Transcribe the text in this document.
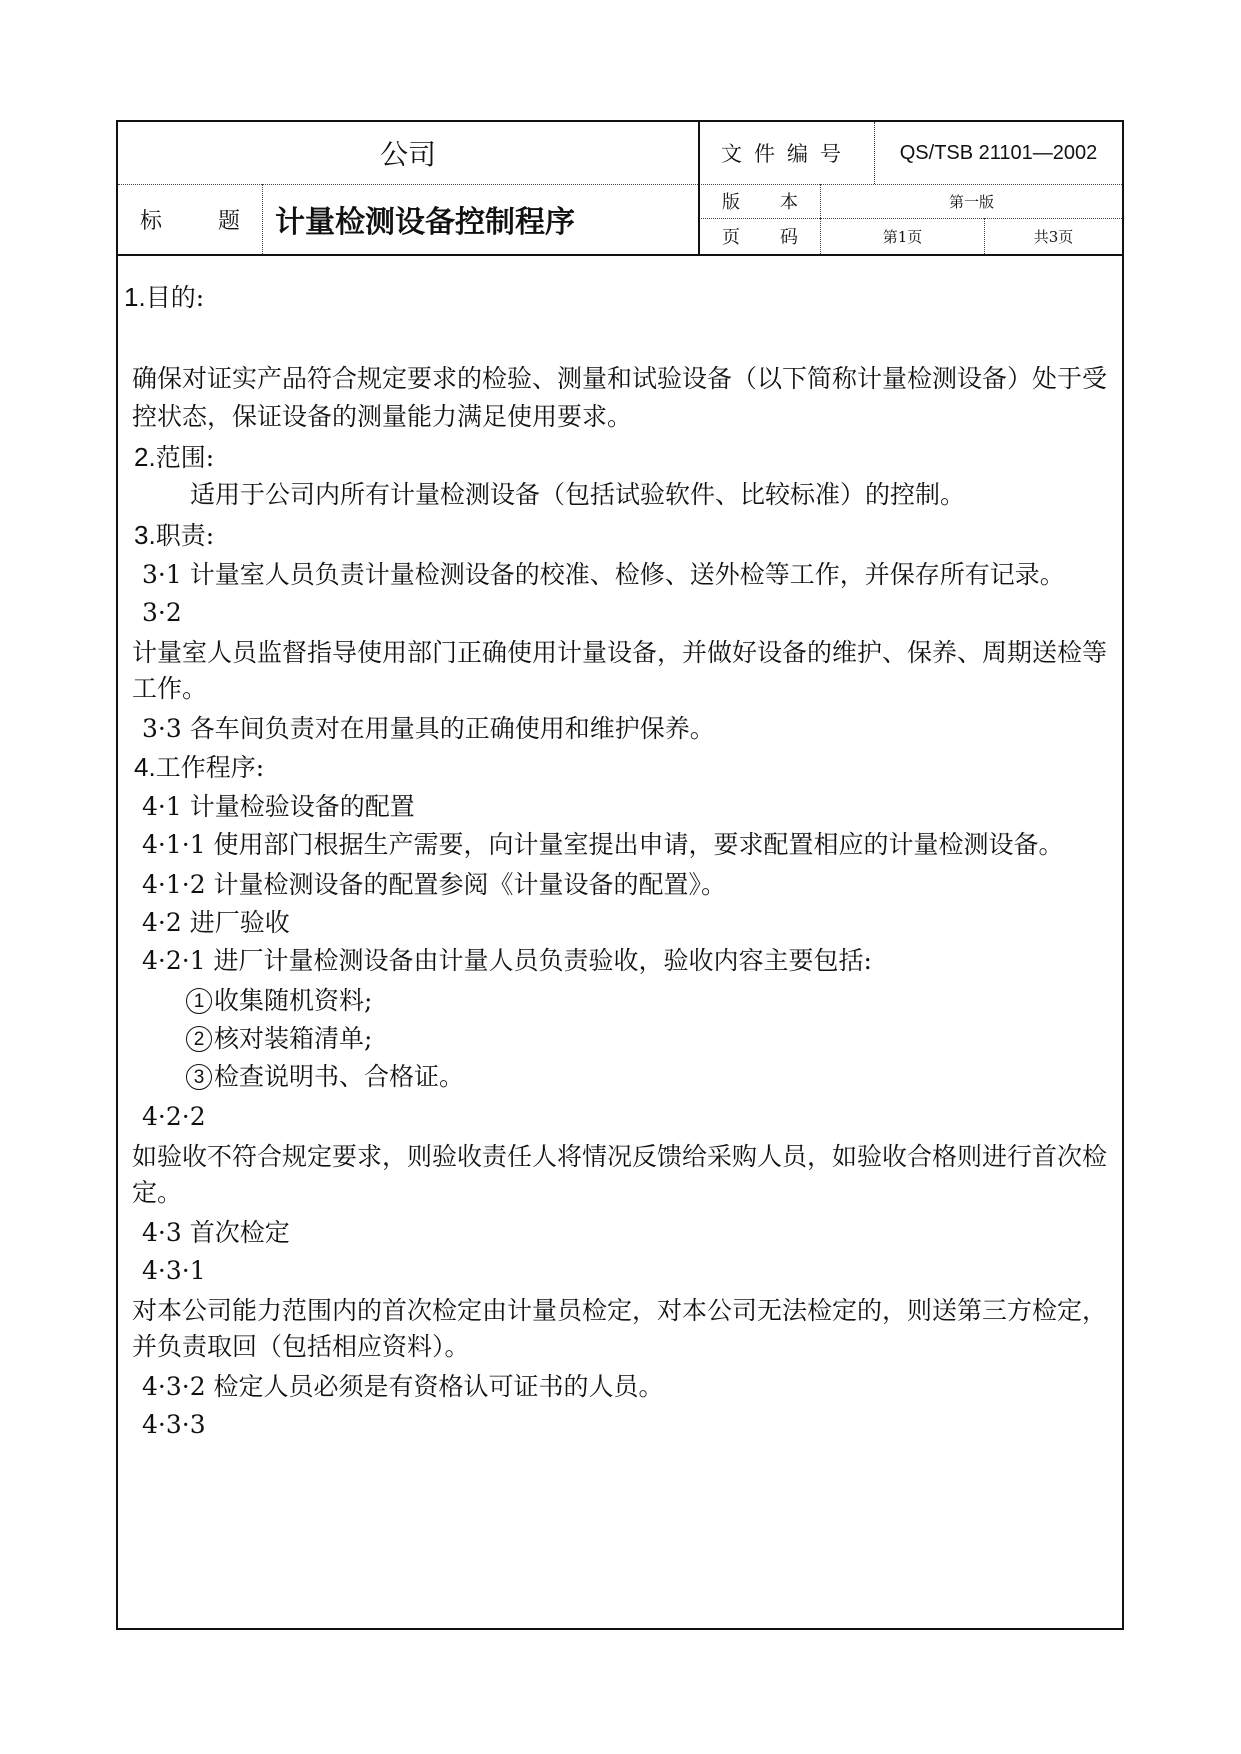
公司	文件编号	QS/TSB 21101—2002
标	题	计量检测设备控制程序
版 本	第一版
页 码	第1页	共3页
1.目的:
确保对证实产品符合规定要求的检验、测量和试验设备（以下简称计量检测设备）处于受
控状态，保证设备的测量能力满足使用要求。
2.范围:
适用于公司内所有计量检测设备（包括试验软件、比较标准）的控制。
3.职责:
3·1 计量室人员负责计量检测设备的校准、检修、送外检等工作，并保存所有记录。
3·2
计量室人员监督指导使用部门正确使用计量设备，并做好设备的维护、保养、周期送检等
工作。
3·3 各车间负责对在用量具的正确使用和维护保养。
4.工作程序:
4·1 计量检验设备的配置
4·1·1 使用部门根据生产需要，向计量室提出申请，要求配置相应的计量检测设备。
4·1·2 计量检测设备的配置参阅《计量设备的配置》。
4·2 进厂验收
4·2·1 进厂计量检测设备由计量人员负责验收，验收内容主要包括:
1 收集随机资料;
2 核对装箱清单;
3 检查说明书、合格证。
4·2·2
如验收不符合规定要求，则验收责任人将情况反馈给采购人员，如验收合格则进行首次检
定。
4·3 首次检定
4·3·1
对本公司能力范围内的首次检定由计量员检定，对本公司无法检定的，则送第三方检定，
并负责取回（包括相应资料）。
4·3·2 检定人员必须是有资格认可证书的人员。
4·3·3
